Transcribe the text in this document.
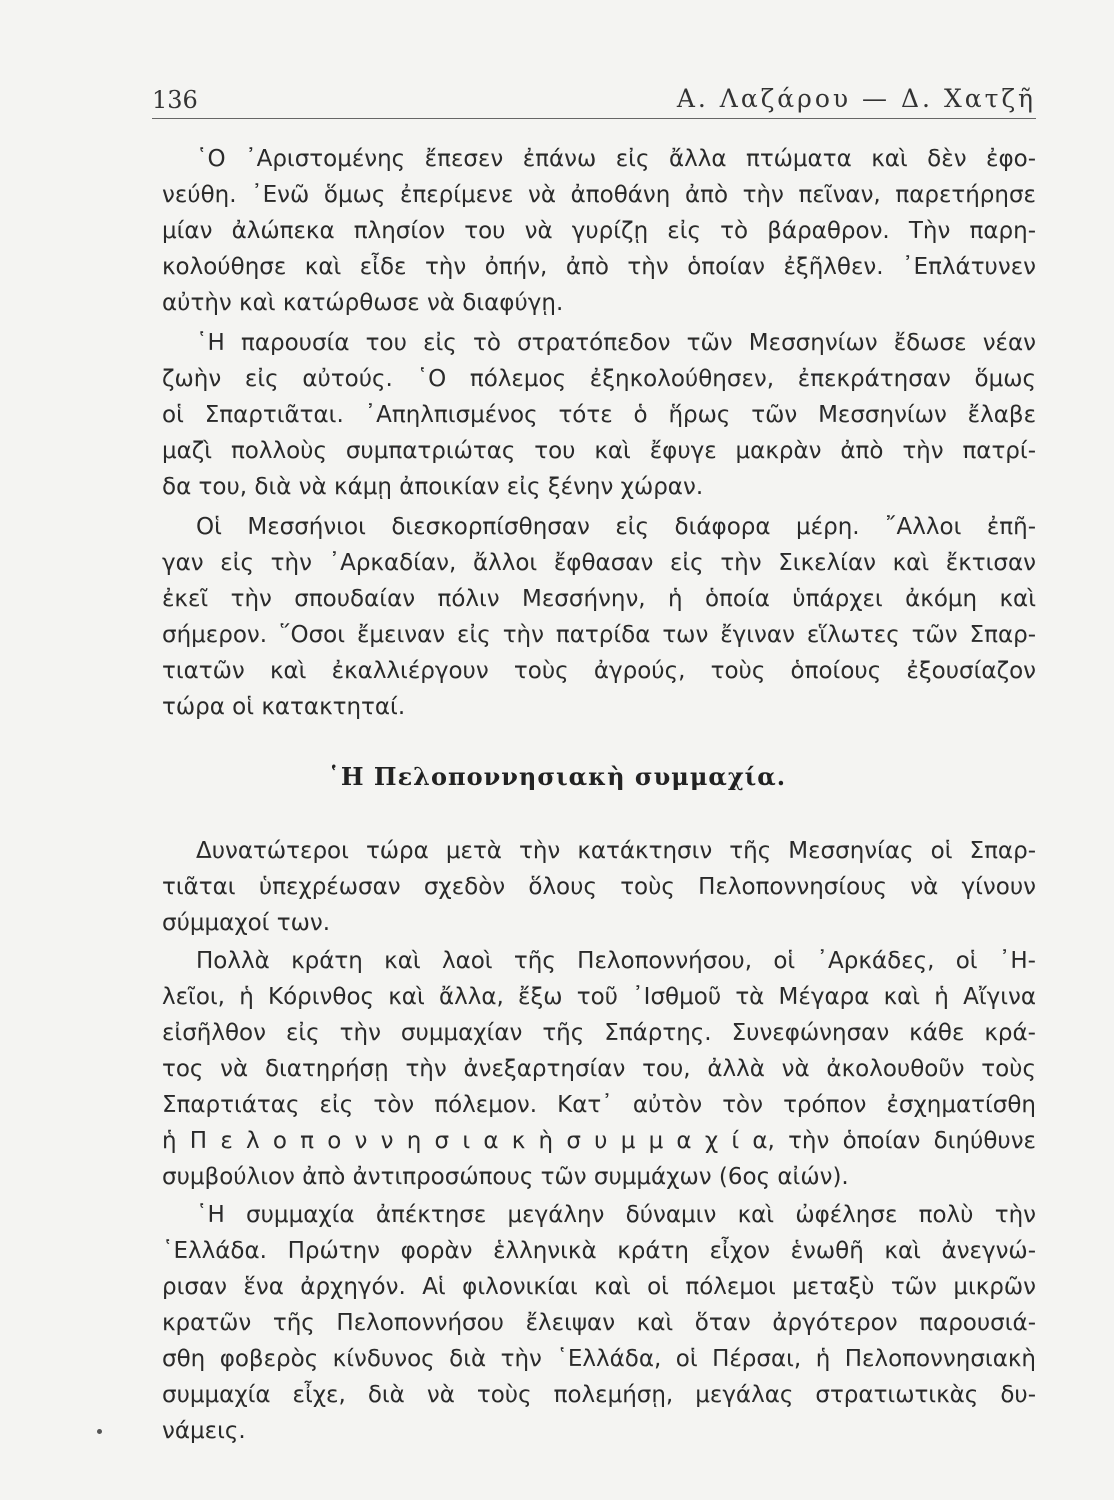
136	Α. Λαζάρου — Δ. Χατζῆ
῾Ο ᾿Αριστομένης ἔπεσεν ἐπάνω εἰς ἄλλα πτώματα καὶ δὲν ἐφο-
νεύθη. ᾿Ενῶ ὅμως ἐπερίμενε νὰ ἀποθάνη ἀπὸ τὴν πεῖναν, παρετήρησε
μίαν ἀλώπεκα πλησίον του νὰ γυρίζῃ εἰς τὸ βάραθρον. Τὴν παρη-
κολούθησε καὶ εἶδε τὴν ὀπήν, ἀπὸ τὴν ὁποίαν ἐξῆλθεν. ᾿Επλάτυνεν
αὐτὴν καὶ κατώρθωσε νὰ διαφύγῃ.
῾Η παρουσία του εἰς τὸ στρατόπεδον τῶν Μεσσηνίων ἔδωσε νέαν
ζωὴν εἰς αὐτούς. ῾Ο πόλεμος ἐξηκολούθησεν, ἐπεκράτησαν ὅμως
οἱ Σπαρτιᾶται. ᾿Απηλπισμένος τότε ὁ ἥρως τῶν Μεσσηνίων ἔλαβε
μαζὶ πολλοὺς συμπατριώτας του καὶ ἔφυγε μακρὰν ἀπὸ τὴν πατρί-
δα του, διὰ νὰ κάμῃ ἀποικίαν εἰς ξένην χώραν.
Οἱ Μεσσήνιοι διεσκορπίσθησαν εἰς διάφορα μέρη. ῎Αλλοι ἐπῆ-
γαν εἰς τὴν ᾿Αρκαδίαν, ἄλλοι ἔφθασαν εἰς τὴν Σικελίαν καὶ ἔκτισαν
ἐκεῖ τὴν σπουδαίαν πόλιν Μεσσήνην, ἡ ὁποία ὑπάρχει ἀκόμη καὶ
σήμερον. ῞Οσοι ἔμειναν εἰς τὴν πατρίδα των ἔγιναν εἵλωτες τῶν Σπαρ-
τιατῶν καὶ ἐκαλλιέργουν τοὺς ἀγρούς, τοὺς ὁποίους ἐξουσίαζον
τώρα οἱ κατακτηταί.
῾Η Πελοποννησιακὴ συμμαχία.
Δυνατώτεροι τώρα μετὰ τὴν κατάκτησιν τῆς Μεσσηνίας οἱ Σπαρ-
τιᾶται ὑπεχρέωσαν σχεδὸν ὅλους τοὺς Πελοποννησίους νὰ γίνουν
σύμμαχοί των.
Πολλὰ κράτη καὶ λαοὶ τῆς Πελοποννήσου, οἱ ᾿Αρκάδες, οἱ ᾿Η-
λεῖοι, ἡ Κόρινθος καὶ ἄλλα, ἔξω τοῦ ᾿Ισθμοῦ τὰ Μέγαρα καὶ ἡ Αἴγινα
εἰσῆλθον εἰς τὴν συμμαχίαν τῆς Σπάρτης. Συνεφώνησαν κάθε κρά-
τος νὰ διατηρήσῃ τὴν ἀνεξαρτησίαν του, ἀλλὰ νὰ ἀκολουθοῦν τοὺς
Σπαρτιάτας εἰς τὸν πόλεμον. Κατ᾿ αὐτὸν τὸν τρόπον ἐσχηματίσθη
ἡ Π ε λ ο π ο ν ν η σ ι α κ ὴ σ υ μ μ α χ ί α, τὴν ὁποίαν διηύθυνε
συμβούλιον ἀπὸ ἀντιπροσώπους τῶν συμμάχων (6ος αἰών).
῾Η συμμαχία ἀπέκτησε μεγάλην δύναμιν καὶ ὠφέλησε πολὺ τὴν
῾Ελλάδα. Πρώτην φορὰν ἑλληνικὰ κράτη εἶχον ἑνωθῆ καὶ ἀνεγνώ-
ρισαν ἕνα ἀρχηγόν. Αἱ φιλονικίαι καὶ οἱ πόλεμοι μεταξὺ τῶν μικρῶν
κρατῶν τῆς Πελοποννήσου ἔλειψαν καὶ ὅταν ἀργότερον παρουσιά-
σθη φοβερὸς κίνδυνος διὰ τὴν ῾Ελλάδα, οἱ Πέρσαι, ἡ Πελοποννησιακὴ
συμμαχία εἶχε, διὰ νὰ τοὺς πολεμήσῃ, μεγάλας στρατιωτικὰς δυ-
νάμεις.
